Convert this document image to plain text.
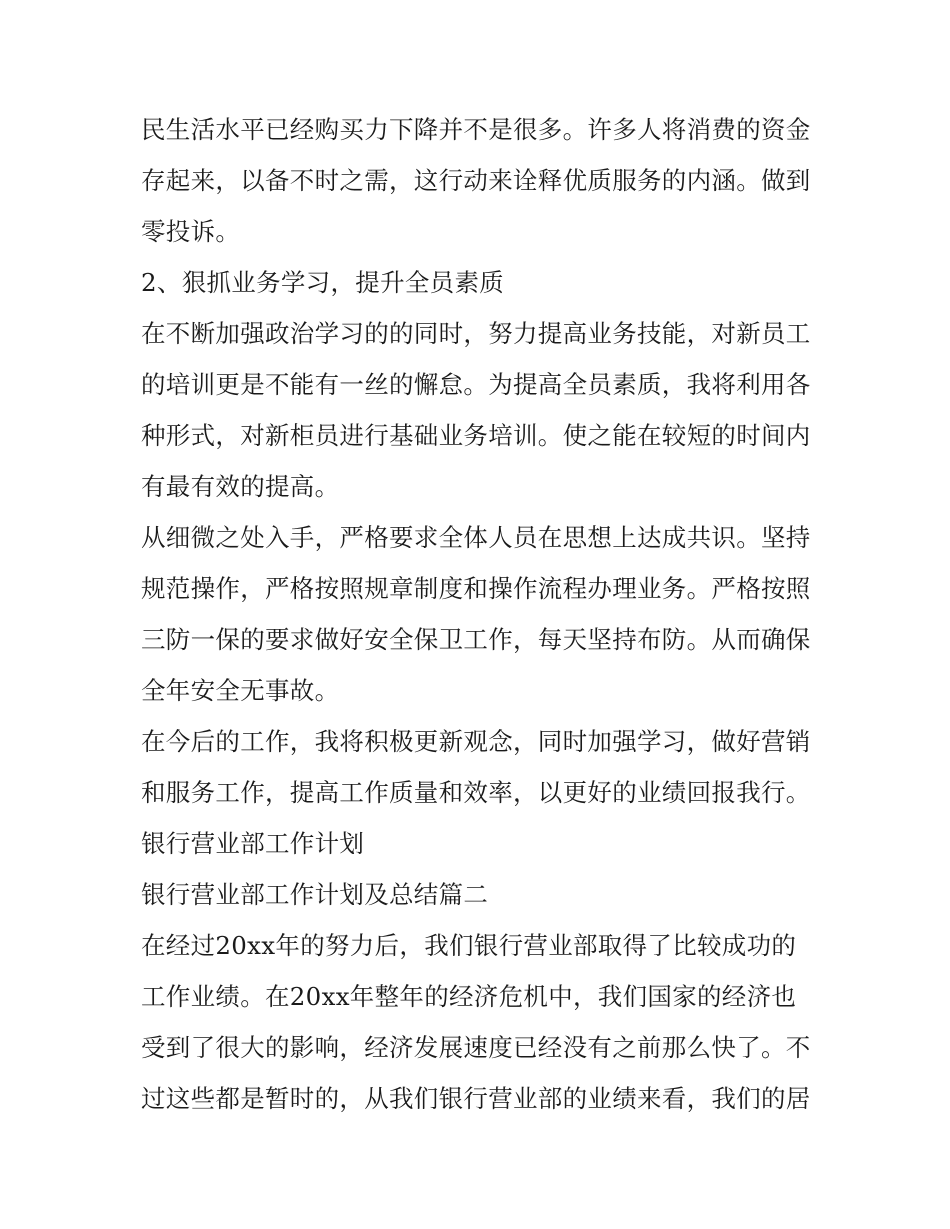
民生活水平已经购买力下降并不是很多。许多人将消费的资金
存起来，以备不时之需，这行动来诠释优质服务的内涵。做到
零投诉。
2、狠抓业务学习，提升全员素质
在不断加强政治学习的的同时，努力提高业务技能，对新员工
的培训更是不能有一丝的懈怠。为提高全员素质，我将利用各
种形式，对新柜员进行基础业务培训。使之能在较短的时间内
有最有效的提高。
从细微之处入手，严格要求全体人员在思想上达成共识。坚持
规范操作，严格按照规章制度和操作流程办理业务。严格按照
三防一保的要求做好安全保卫工作，每天坚持布防。从而确保
全年安全无事故。
在今后的工作，我将积极更新观念，同时加强学习，做好营销
和服务工作，提高工作质量和效率，以更好的业绩回报我行。
银行营业部工作计划
银行营业部工作计划及总结篇二
在经过20xx年的努力后，我们银行营业部取得了比较成功的
工作业绩。在20xx年整年的经济危机中，我们国家的经济也
受到了很大的影响，经济发展速度已经没有之前那么快了。不
过这些都是暂时的，从我们银行营业部的业绩来看，我们的居
